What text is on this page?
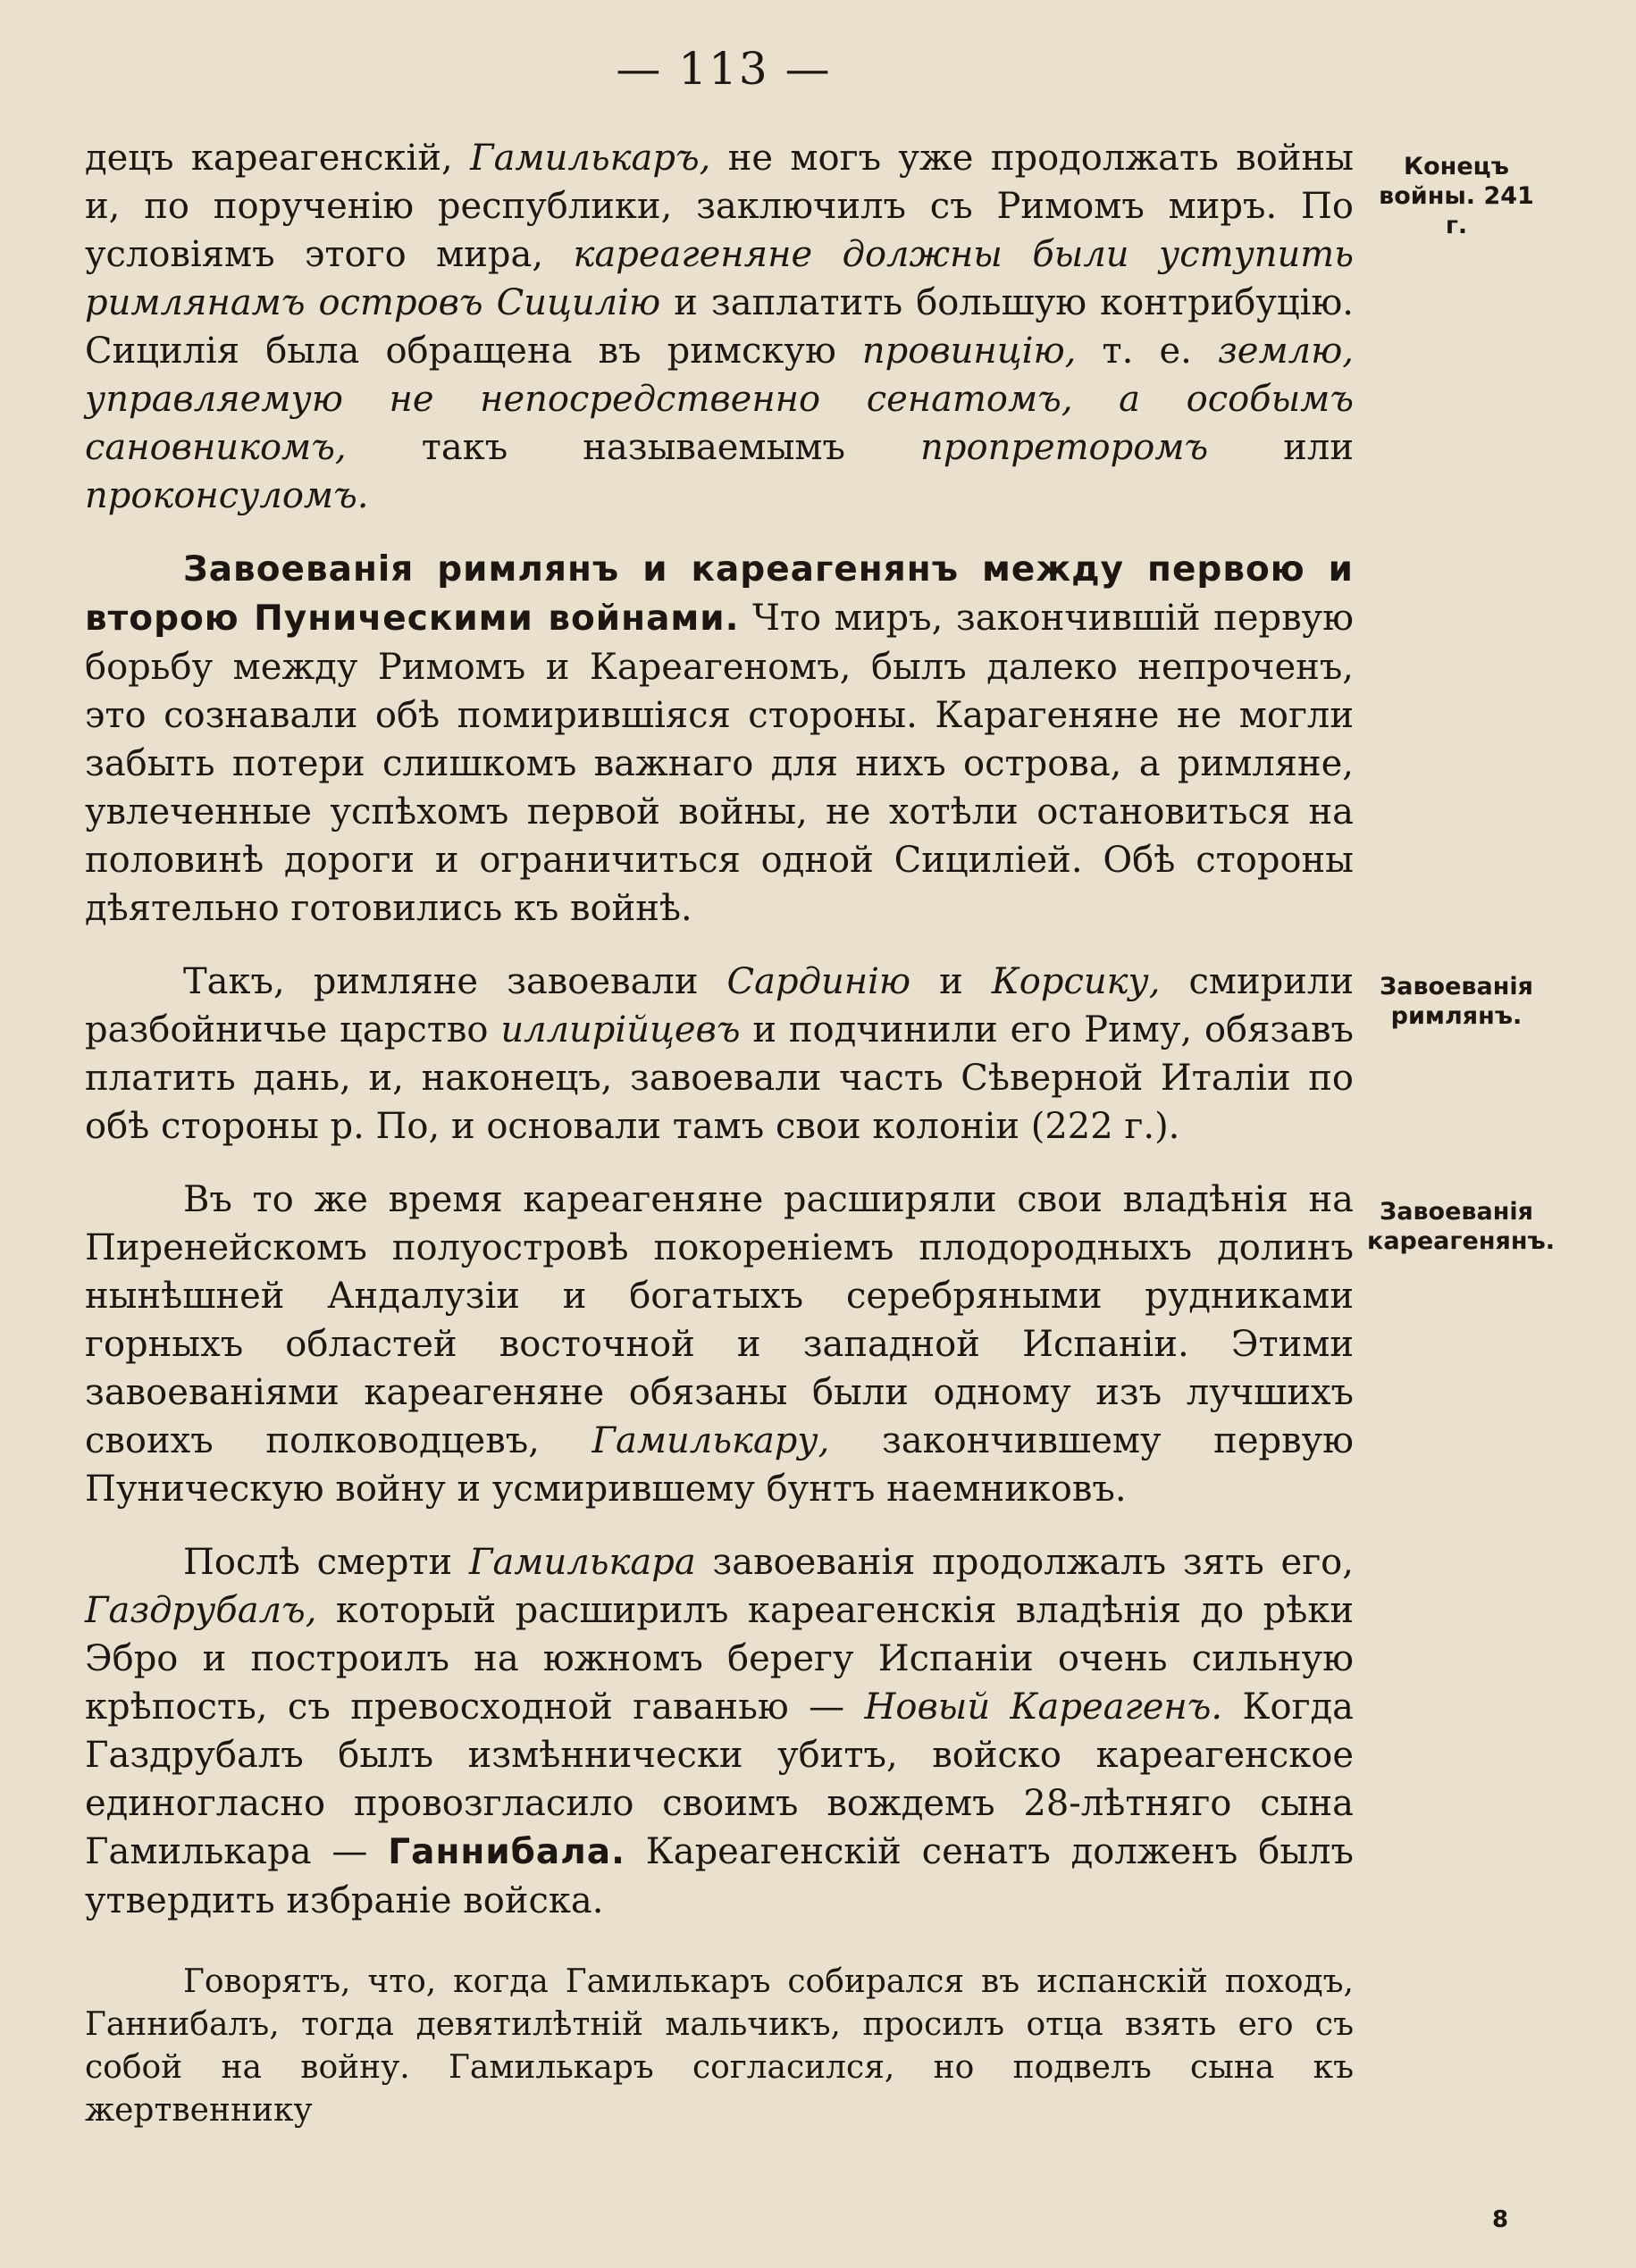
— 113 —
Конецъ войны. 241 г.
Завоеванія римлянъ.
Завоеванія кареагенянъ.

децъ кареагенскій, Гамилькаръ, не могъ уже продолжать войны и, по порученію республики, заключилъ съ Римомъ миръ. По условіямъ этого мира, кареагеняне должны были уступить римлянамъ островъ Сицилію и заплатить большую контрибуцію. Сицилія была обращена въ римскую провинцію, т. е. землю, управляемую не непосредственно сенатомъ, а особымъ сановникомъ, такъ называемымъ пропреторомъ или проконсуломъ.

Завоеванія римлянъ и кареагенянъ между первою и второю Пуническими войнами. Что миръ, закончившій первую борьбу между Римомъ и Кареагеномъ, былъ далеко непроченъ, это сознавали обѣ помирившіяся стороны. Карагеняне не могли забыть потери слишкомъ важнаго для нихъ острова, а римляне, увлеченные успѣхомъ первой войны, не хотѣли остановиться на половинѣ дороги и ограничиться одной Сициліей. Обѣ стороны дѣятельно готовились къ войнѣ.

Такъ, римляне завоевали Сардинію и Корсику, смирили разбойничье царство иллирійцевъ и подчинили его Риму, обязавъ платить дань, и, наконецъ, завоевали часть Сѣверной Италіи по обѣ стороны р. По, и основали тамъ свои колоніи (222 г.).

Въ то же время кареагеняне расширяли свои владѣнія на Пиренейскомъ полуостровѣ покореніемъ плодородныхъ долинъ нынѣшней Андалузіи и богатыхъ серебряными рудниками горныхъ областей восточной и западной Испаніи. Этими завоеваніями кареагеняне обязаны были одному изъ лучшихъ своихъ полководцевъ, Гамилькару, закончившему первую Пуническую войну и усмирившему бунтъ наемниковъ.

Послѣ смерти Гамилькара завоеванія продолжалъ зять его, Газдрубалъ, который расширилъ кареагенскія владѣнія до рѣки Эбро и построилъ на южномъ берегу Испаніи очень сильную крѣпость, съ превосходной гаванью — Новый Кареагенъ. Когда Газдрубалъ былъ измѣннически убитъ, войско кареагенское единогласно провозгласило своимъ вождемъ 28-лѣтняго сына Гамилькара — Ганнибала. Кареагенскій сенатъ долженъ былъ утвердить избраніе войска.

Говорятъ, что, когда Гамилькаръ собирался въ испанскій походъ, Ганнибалъ, тогда девятилѣтній мальчикъ, просилъ отца взять его съ собой на войну. Гамилькаръ согласился, но подвелъ сына къ жертвеннику

8
